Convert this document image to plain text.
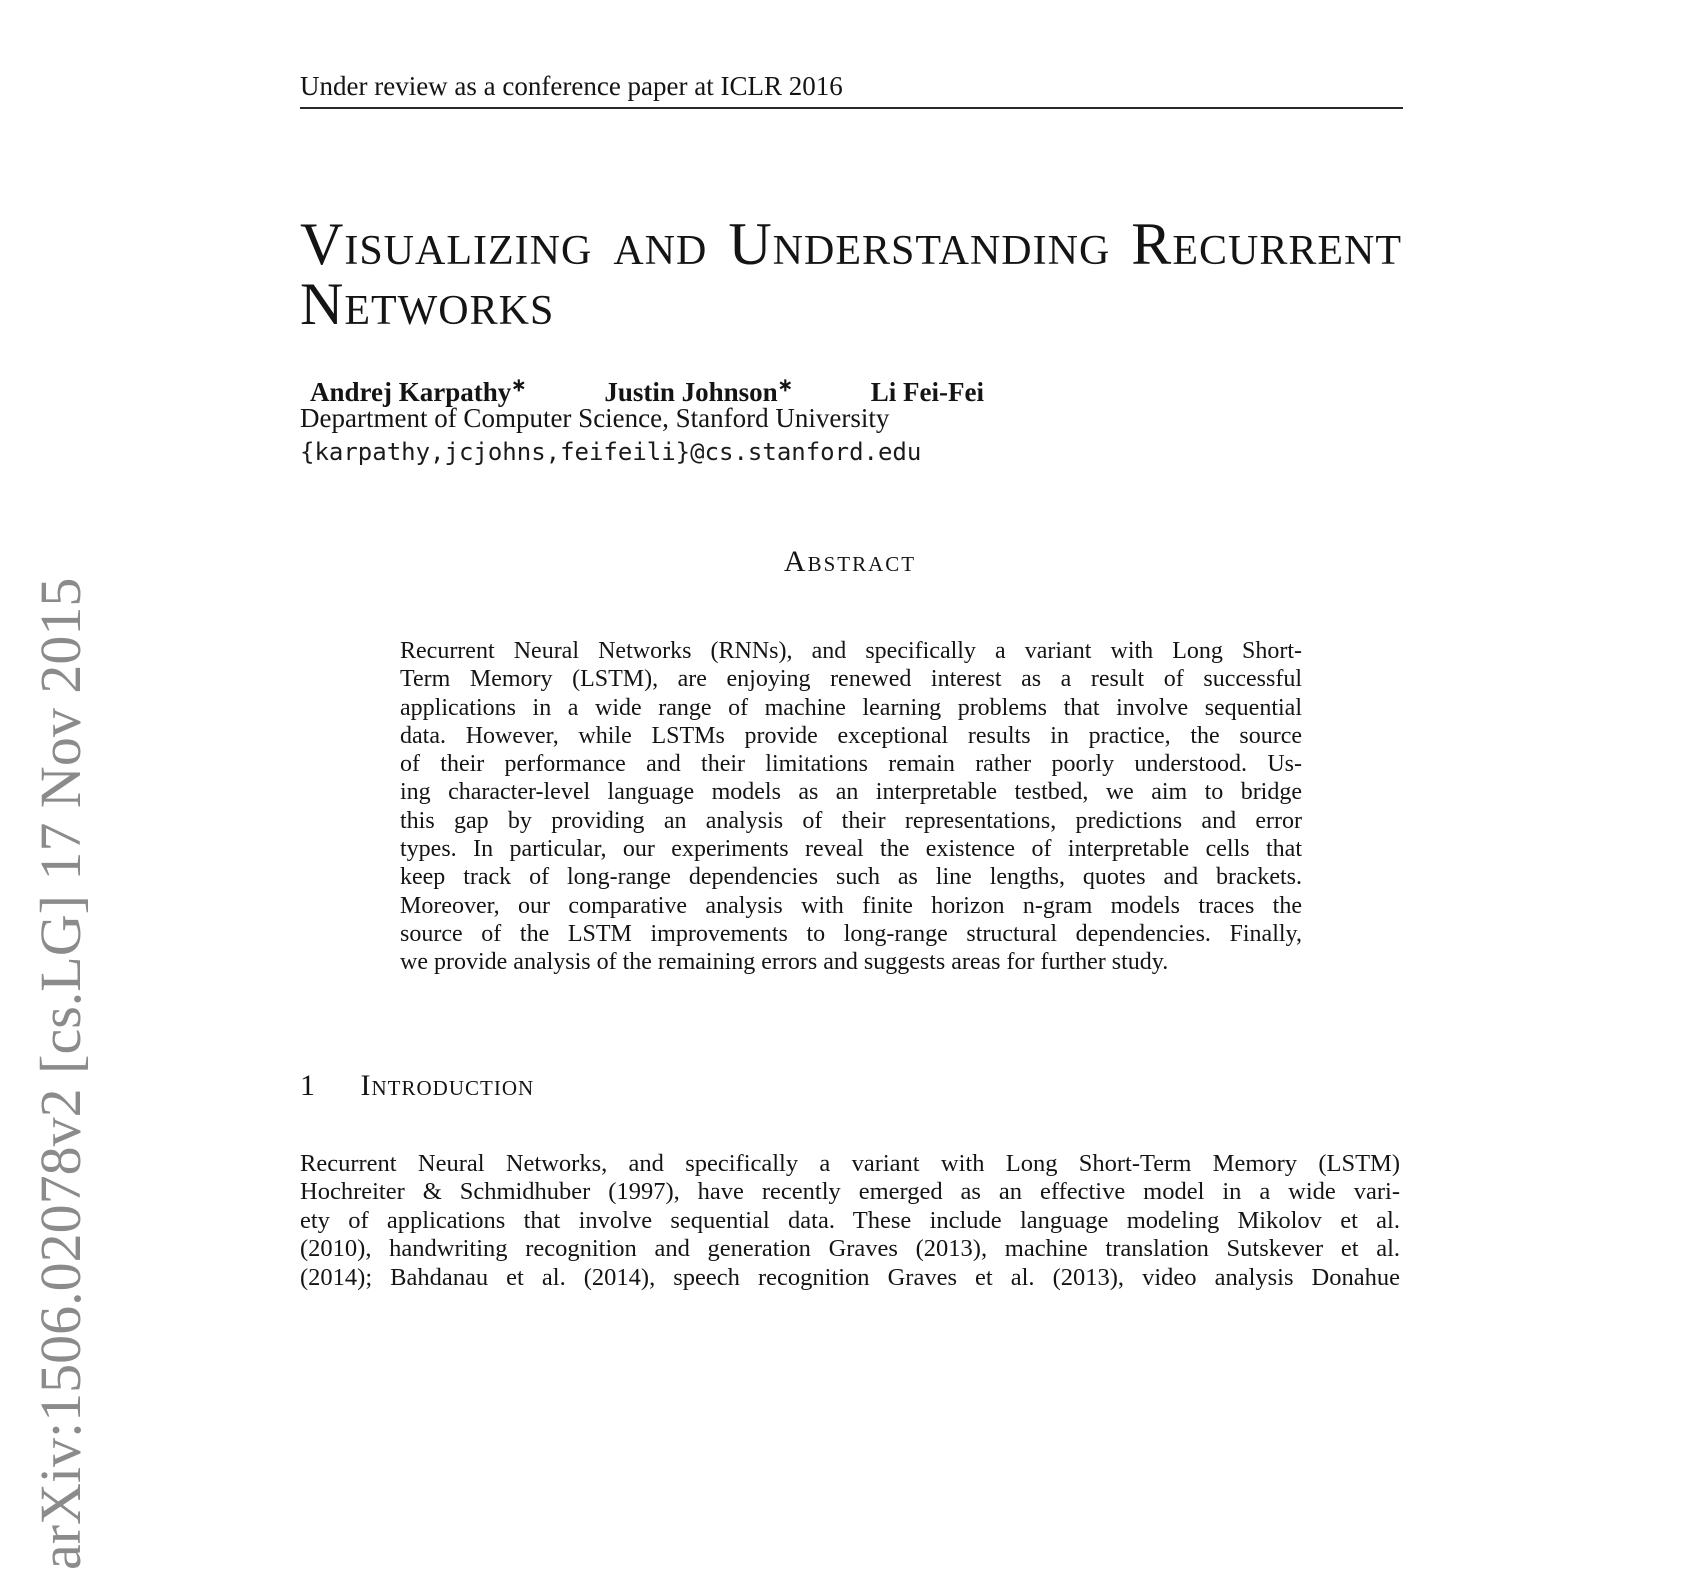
arXiv:1506.02078v2 [cs.LG] 17 Nov 2015
Under review as a conference paper at ICLR 2016
Visualizing and Understanding Recurrent
Networks
Andrej Karpathy∗	Justin Johnson∗	Li Fei-Fei
Department of Computer Science, Stanford University
{karpathy,jcjohns,feifeili}@cs.stanford.edu
Abstract
Recurrent Neural Networks (RNNs), and specifically a variant with Long Short-
Term Memory (LSTM), are enjoying renewed interest as a result of successful
applications in a wide range of machine learning problems that involve sequential
data. However, while LSTMs provide exceptional results in practice, the source
of their performance and their limitations remain rather poorly understood. Us-
ing character-level language models as an interpretable testbed, we aim to bridge
this gap by providing an analysis of their representations, predictions and error
types. In particular, our experiments reveal the existence of interpretable cells that
keep track of long-range dependencies such as line lengths, quotes and brackets.
Moreover, our comparative analysis with finite horizon n-gram models traces the
source of the LSTM improvements to long-range structural dependencies. Finally,
we provide analysis of the remaining errors and suggests areas for further study.
1 Introduction
Recurrent Neural Networks, and specifically a variant with Long Short-Term Memory (LSTM)
Hochreiter & Schmidhuber (1997), have recently emerged as an effective model in a wide vari-
ety of applications that involve sequential data. These include language modeling Mikolov et al.
(2010), handwriting recognition and generation Graves (2013), machine translation Sutskever et al.
(2014); Bahdanau et al. (2014), speech recognition Graves et al. (2013), video analysis Donahue
